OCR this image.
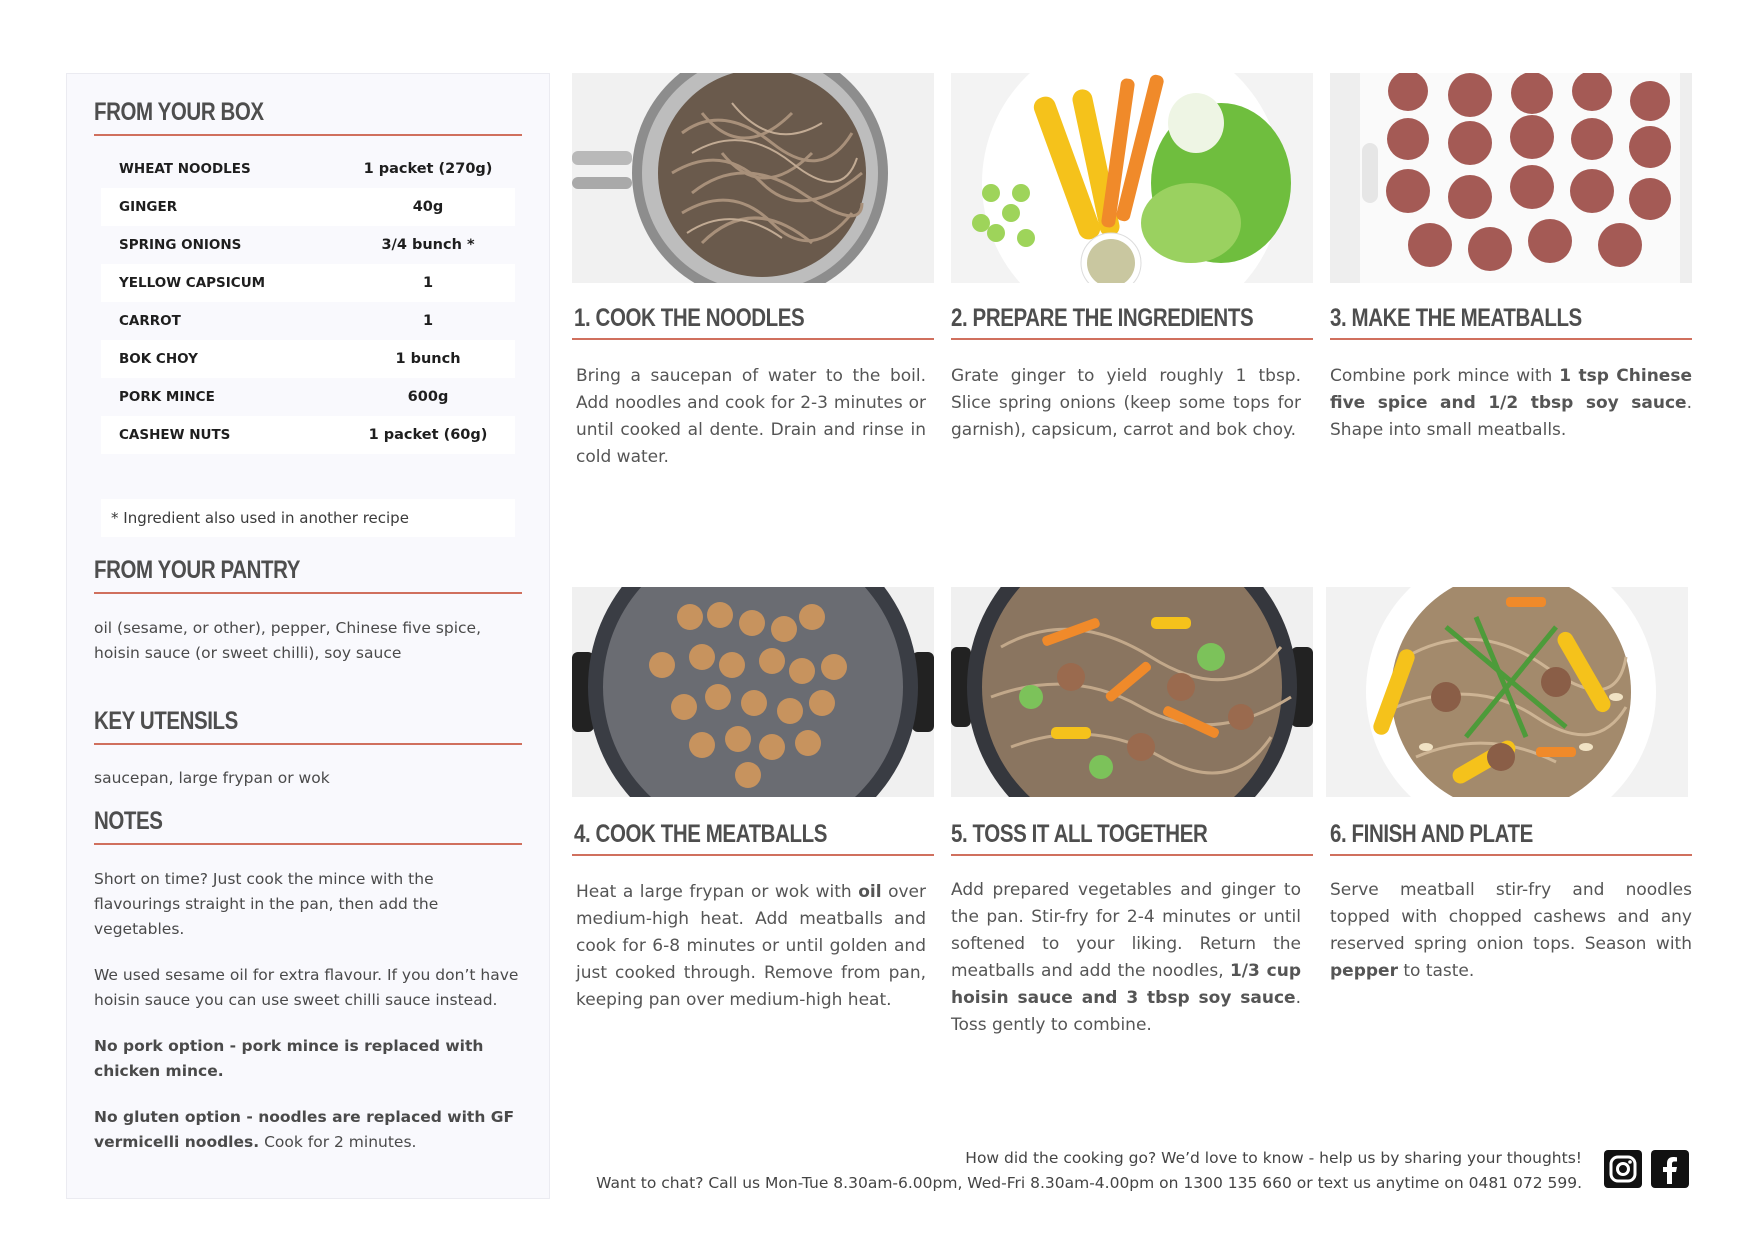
FROM YOUR BOX
WHEAT NOODLES	1 packet (270g)
GINGER	40g
SPRING ONIONS	3/4 bunch *
YELLOW CAPSICUM	1
CARROT	1
BOK CHOY	1 bunch
PORK MINCE	600g
CASHEW NUTS	1 packet (60g)
* Ingredient also used in another recipe
FROM YOUR PANTRY
oil (sesame, or other), pepper, Chinese five spice, hoisin sauce (or sweet chilli), soy sauce
KEY UTENSILS
saucepan, large frypan or wok
NOTES

Short on time? Just cook the mince with the flavourings straight in the pan, then add the vegetables.

We used sesame oil for extra flavour. If you don’t have hoisin sauce you can use sweet chilli sauce instead.

No pork option - pork mince is replaced with chicken mince.

No gluten option - noodles are replaced with GF vermicelli noodles. Cook for 2 minutes.

1. COOK THE NOODLES
Bring a saucepan of water to the boil. Add noodles and cook for 2-3 minutes or until cooked al dente. Drain and rinse in cold water.
2. PREPARE THE INGREDIENTS
Grate ginger to yield roughly 1 tbsp. Slice spring onions (keep some tops for garnish), capsicum, carrot and bok choy.
3. MAKE THE MEATBALLS
Combine pork mince with 1 tsp Chinese five spice and 1/2 tbsp soy sauce. Shape into small meatballs.
4. COOK THE MEATBALLS
Heat a large frypan or wok with oil over medium-high heat. Add meatballs and cook for 6-8 minutes or until golden and just cooked through. Remove from pan, keeping pan over medium-high heat.
5. TOSS IT ALL TOGETHER
Add prepared vegetables and ginger to the pan. Stir-fry for 2-4 minutes or until softened to your liking. Return the meatballs and add the noodles, 1/3 cup hoisin sauce and 3 tbsp soy sauce. Toss gently to combine.
6. FINISH AND PLATE
Serve meatball stir-fry and noodles topped with chopped cashews and any reserved spring onion tops. Season with pepper to taste.
How did the cooking go? We’d love to know - help us by sharing your thoughts!
Want to chat? Call us Mon-Tue 8.30am-6.00pm, Wed-Fri 8.30am-4.00pm on 1300 135 660 or text us anytime on 0481 072 599.
